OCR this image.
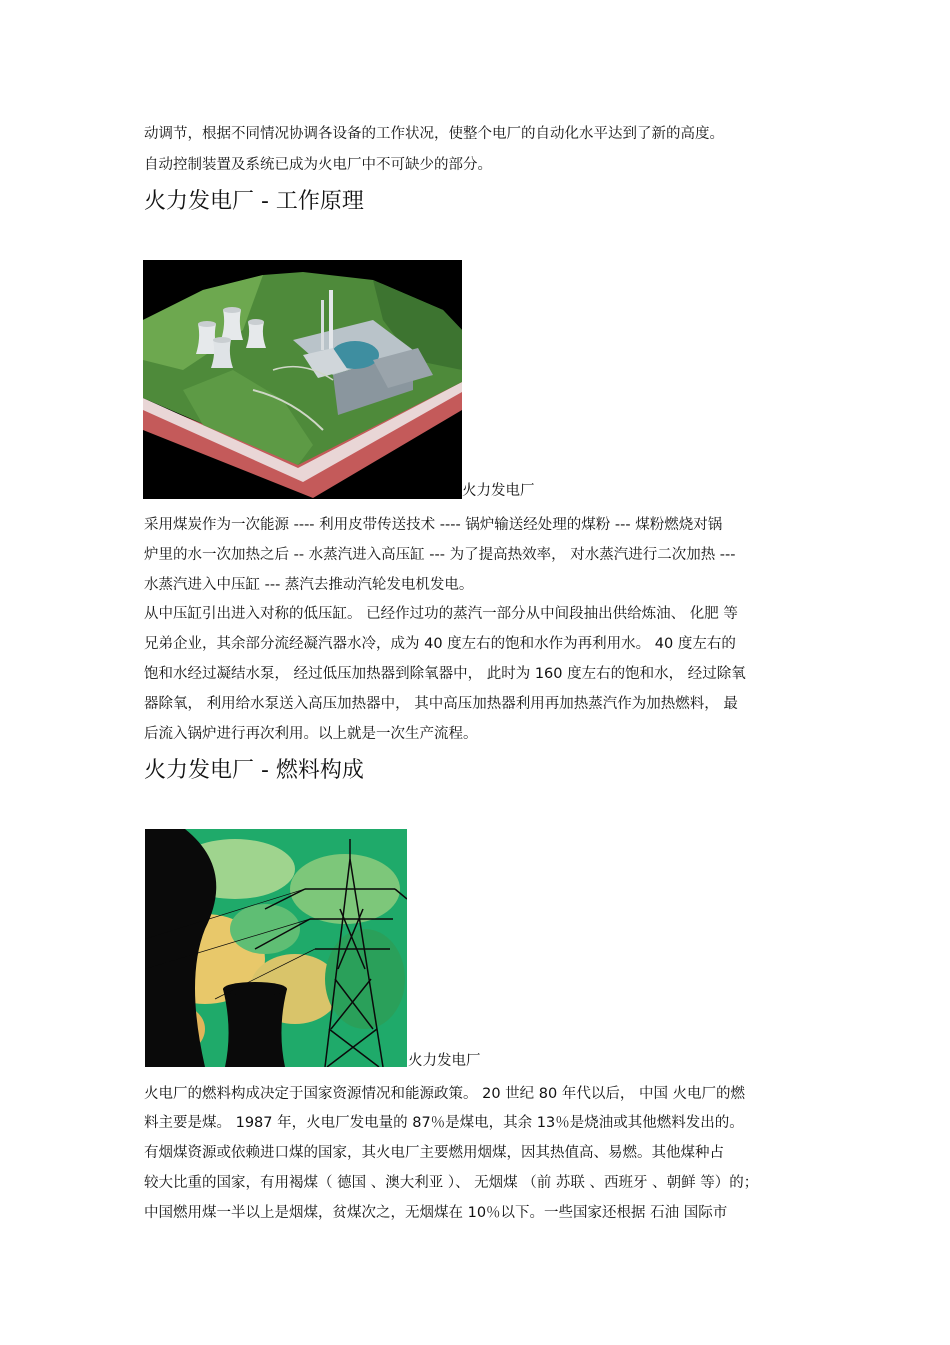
动调节，根据不同情况协调各设备的工作状况，使整个电厂的自动化水平达到了新的高度。
自动控制装置及系统已成为火电厂中不可缺少的部分。
火力发电厂 - 工作原理
火力发电厂
采用煤炭作为一次能源 ---- 利用皮带传送技术 ---- 锅炉输送经处理的煤粉 --- 煤粉燃烧对锅
炉里的水一次加热之后 -- 水蒸汽进入高压缸 --- 为了提高热效率， 对水蒸汽进行二次加热 ---
水蒸汽进入中压缸 --- 蒸汽去推动汽轮发电机发电。
从中压缸引出进入对称的低压缸。 已经作过功的蒸汽一部分从中间段抽出供给炼油、 化肥 等
兄弟企业，其余部分流经凝汽器水冷，成为 40 度左右的饱和水作为再利用水。 40 度左右的
饱和水经过凝结水泵， 经过低压加热器到除氧器中， 此时为 160 度左右的饱和水， 经过除氧
器除氧， 利用给水泵送入高压加热器中， 其中高压加热器利用再加热蒸汽作为加热燃料， 最
后流入锅炉进行再次利用。以上就是一次生产流程。
火力发电厂 - 燃料构成
火力发电厂
火电厂的燃料构成决定于国家资源情况和能源政策。 20 世纪 80 年代以后， 中国 火电厂的燃
料主要是煤。 1987 年，火电厂发电量的 87％是煤电，其余 13％是烧油或其他燃料发出的。
有烟煤资源或依赖进口煤的国家，其火电厂主要燃用烟煤，因其热值高、易燃。其他煤种占
较大比重的国家，有用褐煤（ 德国 、澳大利亚 ）、 无烟煤 （前 苏联 、西班牙 、朝鲜 等）的；
中国燃用煤一半以上是烟煤，贫煤次之，无烟煤在 10％以下。一些国家还根据 石油 国际市
